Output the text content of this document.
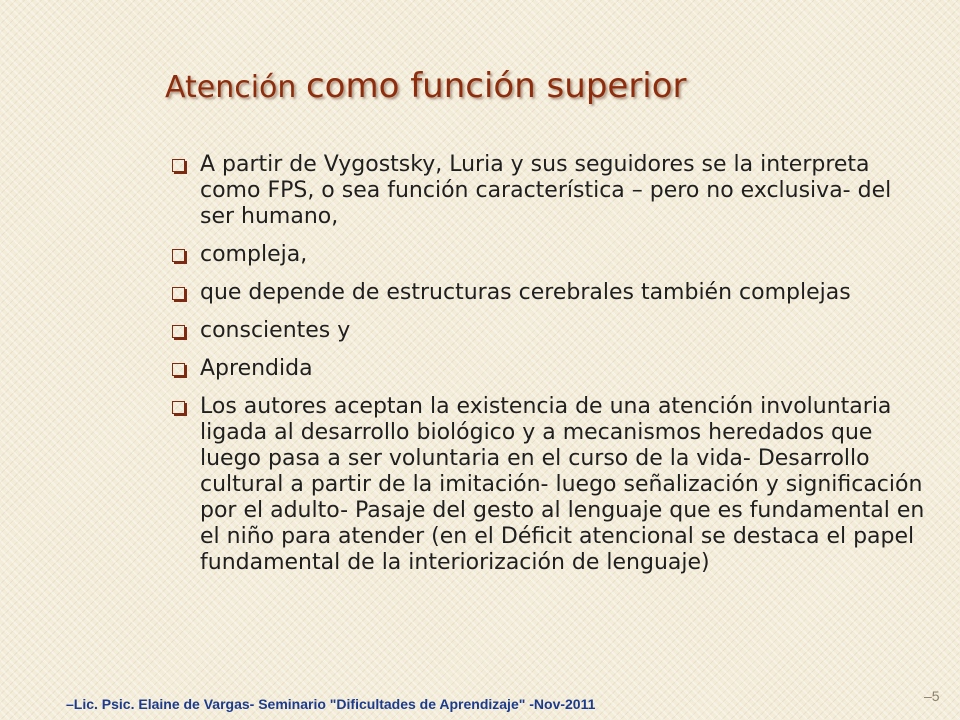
Atención como función superior
A partir de Vygostsky, Luria y sus seguidores se la interpreta como FPS, o sea función característica – pero no exclusiva- del ser humano,
compleja,
que depende de estructuras cerebrales también complejas
conscientes y
Aprendida
Los autores aceptan la existencia de una atención involuntaria ligada al desarrollo biológico y a mecanismos heredados que luego pasa a ser voluntaria en el curso de la vida- Desarrollo cultural a partir de la imitación- luego señalización y significación por el adulto- Pasaje del gesto al lenguaje que es fundamental en el niño para atender (en el Déficit atencional se destaca el papel fundamental de la interiorización de lenguaje)
–Lic. Psic. Elaine de Vargas- Seminario "Dificultades de Aprendizaje" -Nov-2011	–5
